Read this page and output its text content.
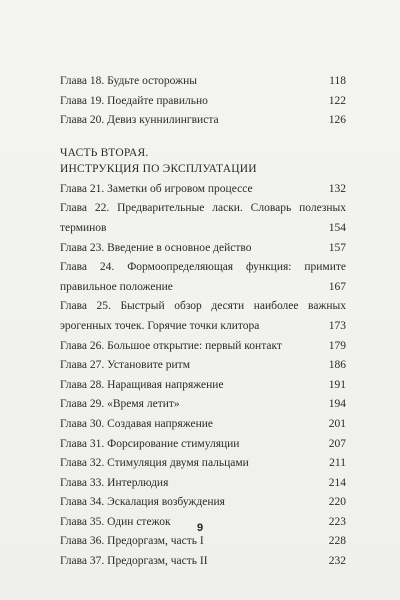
Глава 18. Будьте осторожны	118
Глава 19. Поедайте правильно	122
Глава 20. Девиз куннилингвиста	126
ЧАСТЬ ВТОРАЯ.
ИНСТРУКЦИЯ ПО ЭКСПЛУАТАЦИИ
Глава 21. Заметки об игровом процессе	132
Глава 22. Предварительные ласки. Словарь полезных
терминов	154
Глава 23. Введение в основное действо	157
Глава 24. Формоопределяющая функция: примите
правильное положение	167
Глава 25. Быстрый обзор десяти наиболее важных
эрогенных точек. Горячие точки клитора	173
Глава 26. Большое открытие: первый контакт	179
Глава 27. Установите ритм	186
Глава 28. Наращивая напряжение	191
Глава 29. «Время летит»	194
Глава 30. Создавая напряжение	201
Глава 31. Форсирование стимуляции	207
Глава 32. Стимуляция двумя пальцами	211
Глава 33. Интерлюдия	214
Глава 34. Эскалация возбуждения	220
Глава 35. Один стежок	223
Глава 36. Предоргазм, часть I	228
Глава 37. Предоргазм, часть II	232
9
